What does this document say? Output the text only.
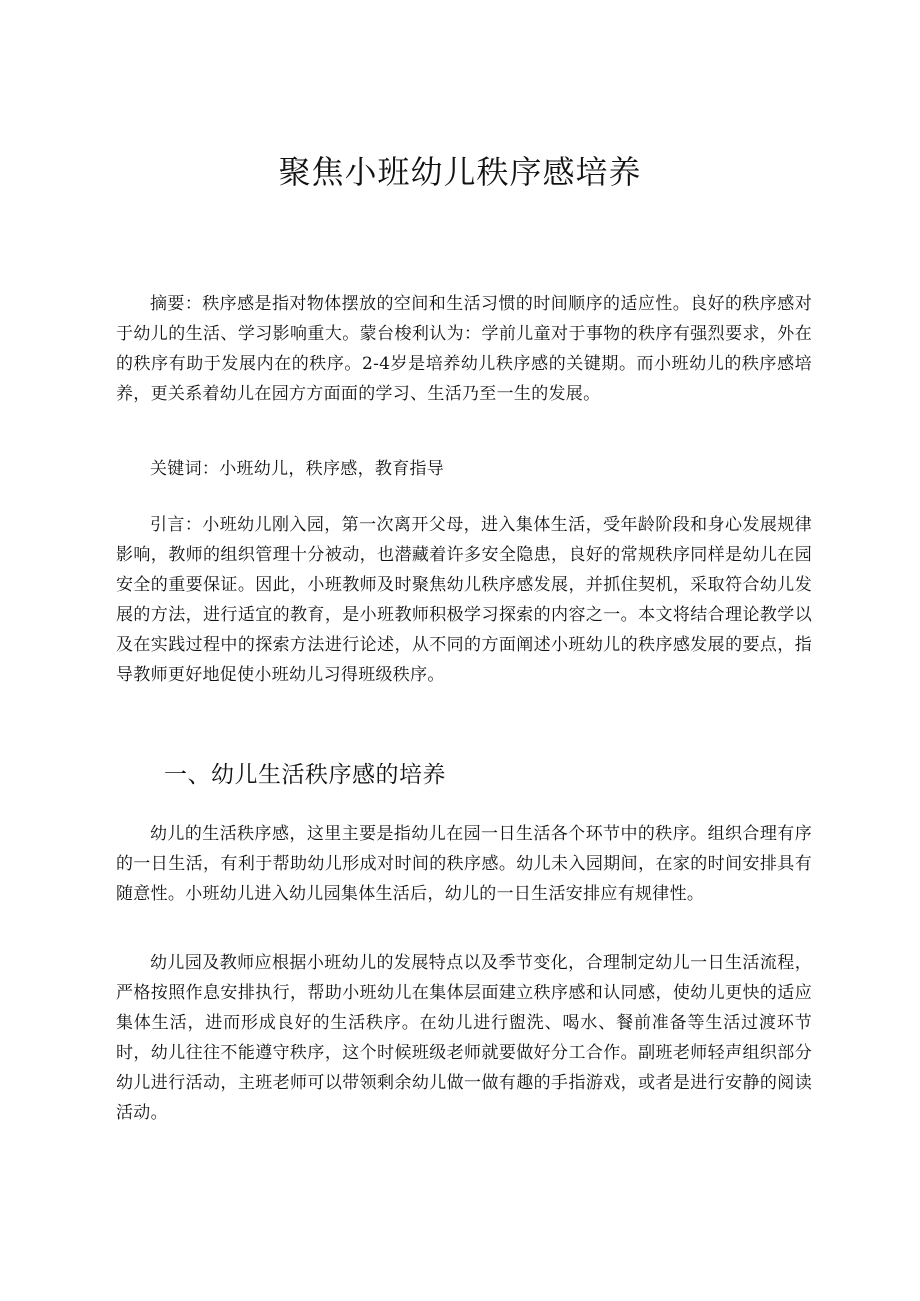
聚焦小班幼儿秩序感培养

摘要：秩序感是指对物体摆放的空间和生活习惯的时间顺序的适应性。良好的秩序感对于幼儿的生活、学习影响重大。蒙台梭利认为：学前儿童对于事物的秩序有强烈要求，外在的秩序有助于发展内在的秩序。2-4岁是培养幼儿秩序感的关键期。而小班幼儿的秩序感培养，更关系着幼儿在园方方面面的学习、生活乃至一生的发展。

关键词：小班幼儿，秩序感，教育指导

引言：小班幼儿刚入园，第一次离开父母，进入集体生活，受年龄阶段和身心发展规律影响，教师的组织管理十分被动，也潜藏着许多安全隐患，良好的常规秩序同样是幼儿在园安全的重要保证。因此，小班教师及时聚焦幼儿秩序感发展，并抓住契机，采取符合幼儿发展的方法，进行适宜的教育，是小班教师积极学习探索的内容之一。本文将结合理论教学以及在实践过程中的探索方法进行论述，从不同的方面阐述小班幼儿的秩序感发展的要点，指导教师更好地促使小班幼儿习得班级秩序。

一、幼儿生活秩序感的培养

幼儿的生活秩序感，这里主要是指幼儿在园一日生活各个环节中的秩序。组织合理有序的一日生活，有利于帮助幼儿形成对时间的秩序感。幼儿未入园期间，在家的时间安排具有随意性。小班幼儿进入幼儿园集体生活后，幼儿的一日生活安排应有规律性。

幼儿园及教师应根据小班幼儿的发展特点以及季节变化，合理制定幼儿一日生活流程，严格按照作息安排执行，帮助小班幼儿在集体层面建立秩序感和认同感，使幼儿更快的适应集体生活，进而形成良好的生活秩序。在幼儿进行盥洗、喝水、餐前准备等生活过渡环节时，幼儿往往不能遵守秩序，这个时候班级老师就要做好分工合作。副班老师轻声组织部分幼儿进行活动，主班老师可以带领剩余幼儿做一做有趣的手指游戏，或者是进行安静的阅读活动。
